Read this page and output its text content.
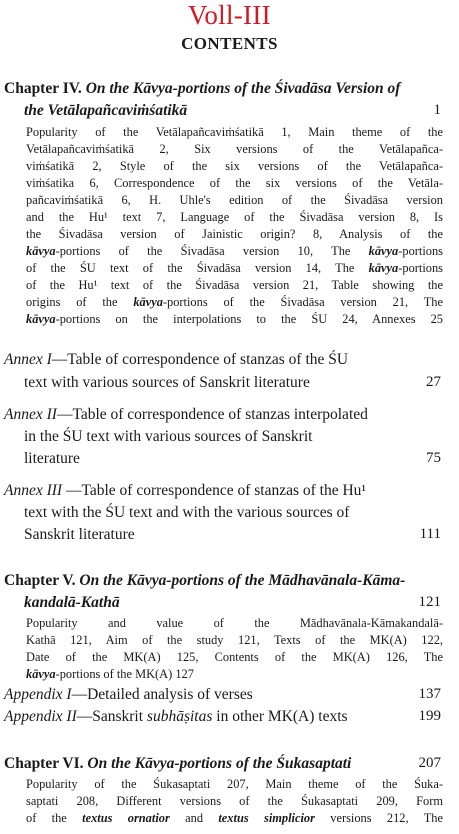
Voll-III
CONTENTS
Chapter IV. On the Kāvya-portions of the Śivadāsa Version of
the Vetālapañcaviṁśatikā	1
Popularity of the Vetālapañcaviṁśatikā 1, Main theme of the
Vetālapañcaviṁśatikā 2, Six versions of the Vetālapañca-
viṁśatikā 2, Style of the six versions of the Vetālapañca-
viṁśatika 6, Correspondence of the six versions of the Vetāla-
pañcaviṁśatikā 6, H. Uhle's edition of the Śivadāsa version
and the Hu¹ text 7, Language of the Śivadāsa version 8, Is
the Śivadāsa version of Jainistic origin? 8, Analysis of the
kāvya-portions of the Śivadāsa version 10, The kāvya-portions
of the ŚU text of the Śivadāsa version 14, The kāvya-portions
of the Hu¹ text of the Śivadāsa version 21, Table showing the
origins of the kāvya-portions of the Śivadāsa version 21, The
kāvya-portions on the interpolations to the ŚU 24, Annexes 25
Annex I—Table of correspondence of stanzas of the ŚU
text with various sources of Sanskrit literature	27
Annex II—Table of correspondence of stanzas interpolated
in the ŚU text with various sources of Sanskrit
literature	75
Annex III —Table of correspondence of stanzas of the Hu¹
text with the ŚU text and with the various sources of
Sanskrit literature	111
Chapter V. On the Kāvya-portions of the Mādhavānala-Kāma-
kandalā-Kathā	121
Popularity and value of the Mādhavānala-Kāmakandalā-
Kathā 121, Aim of the study 121, Texts of the MK(A) 122,
Date of the MK(A) 125, Contents of the MK(A) 126, The
kāvya-portions of the MK(A) 127
Appendix I—Detailed analysis of verses	137
Appendix II—Sanskrit subhāṣitas in other MK(A) texts	199
Chapter VI. On the Kāvya-portions of the Śukasaptati	207
Popularity of the Śukasaptati 207, Main theme of the Śuka-
saptati 208, Different versions of the Śukasaptati 209, Form
of the textus ornatior and textus simplicior versions 212, The
